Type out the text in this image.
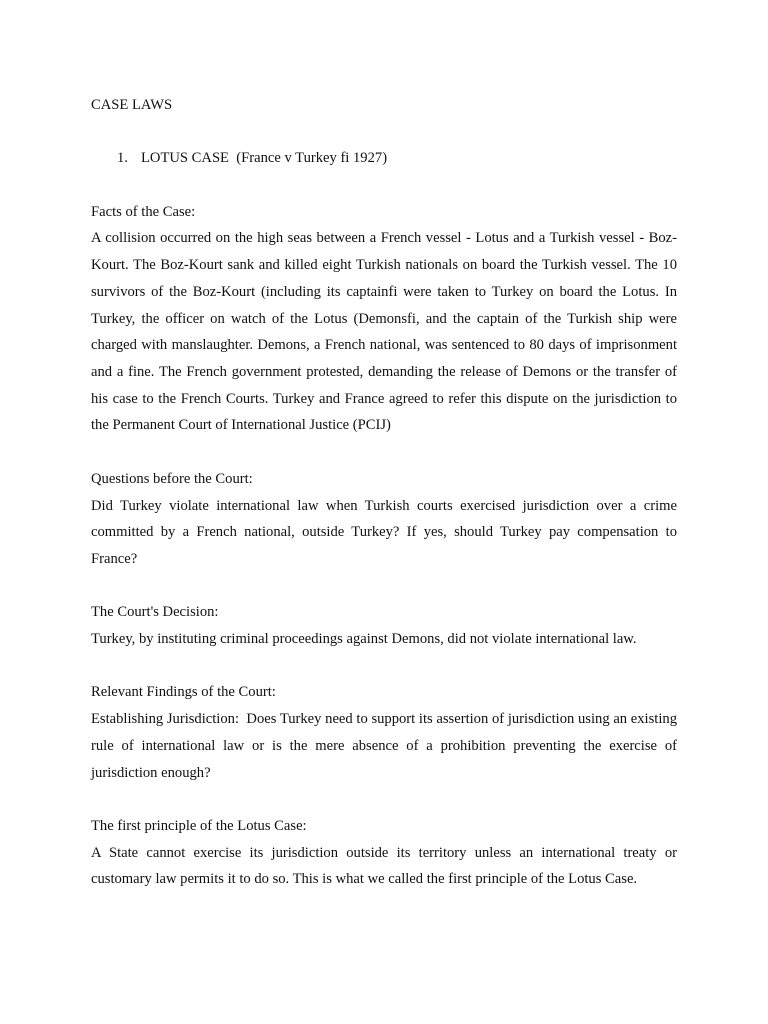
CASE LAWS

1. LOTUS CASE  (France v Turkey fi 1927)

Facts of the Case:

A collision occurred on the high seas between a French vessel - Lotus and a Turkish vessel - Boz-Kourt. The Boz-Kourt sank and killed eight Turkish nationals on board the Turkish vessel. The 10 survivors of the Boz-Kourt (including its captainfi were taken to Turkey on board the Lotus. In Turkey, the officer on watch of the Lotus (Demonsfi, and the captain of the Turkish ship were charged with manslaughter. Demons, a French national, was sentenced to 80 days of imprisonment and a fine. The French government protested, demanding the release of Demons or the transfer of his case to the French Courts. Turkey and France agreed to refer this dispute on the jurisdiction to the Permanent Court of International Justice (PCIJ)

Questions before the Court:

Did Turkey violate international law when Turkish courts exercised jurisdiction over a crime committed by a French national, outside Turkey? If yes, should Turkey pay compensation to France?

The Court's Decision:

Turkey, by instituting criminal proceedings against Demons, did not violate international law.

Relevant Findings of the Court:

Establishing Jurisdiction:  Does Turkey need to support its assertion of jurisdiction using an existing rule of international law or is the mere absence of a prohibition preventing the exercise of jurisdiction enough?

The first principle of the Lotus Case:

A State cannot exercise its jurisdiction outside its territory unless an international treaty or customary law permits it to do so. This is what we called the first principle of the Lotus Case.
